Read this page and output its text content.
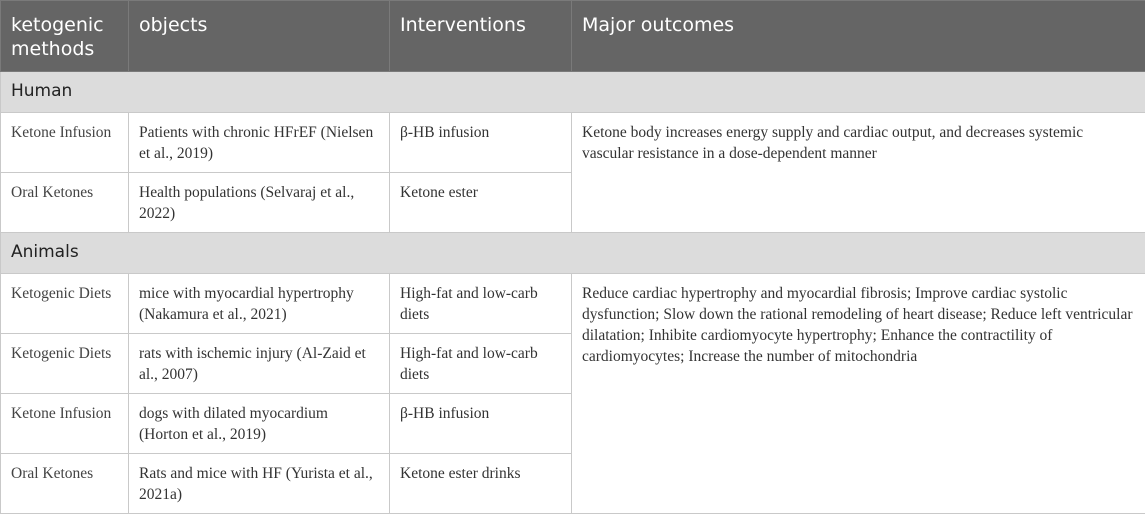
ketogenic methods	objects	Interventions	Major outcomes
Human			
Ketone Infusion	Patients with chronic HFrEF (Nielsen et al., 2019)	β-HB infusion	Ketone body increases energy supply and cardiac output, and decreases systemic vascular resistance in a dose-dependent manner
Oral Ketones	Health populations (Selvaraj et al., 2022)	Ketone ester	
Animals			
Ketogenic Diets	mice with myocardial hypertrophy (Nakamura et al., 2021)	High-fat and low-carb diets	Reduce cardiac hypertrophy and myocardial fibrosis; Improve cardiac systolic dysfunction; Slow down the rational remodeling of heart disease; Reduce left ventricular dilatation; Inhibite cardiomyocyte hypertrophy; Enhance the contractility of cardiomyocytes; Increase the number of mitochondria
Ketogenic Diets	rats with ischemic injury (Al-Zaid et al., 2007)	High-fat and low-carb diets	
Ketone Infusion	dogs with dilated myocardium (Horton et al., 2019)	β-HB infusion	
Oral Ketones	Rats and mice with HF (Yurista et al., 2021a)	Ketone ester drinks	
